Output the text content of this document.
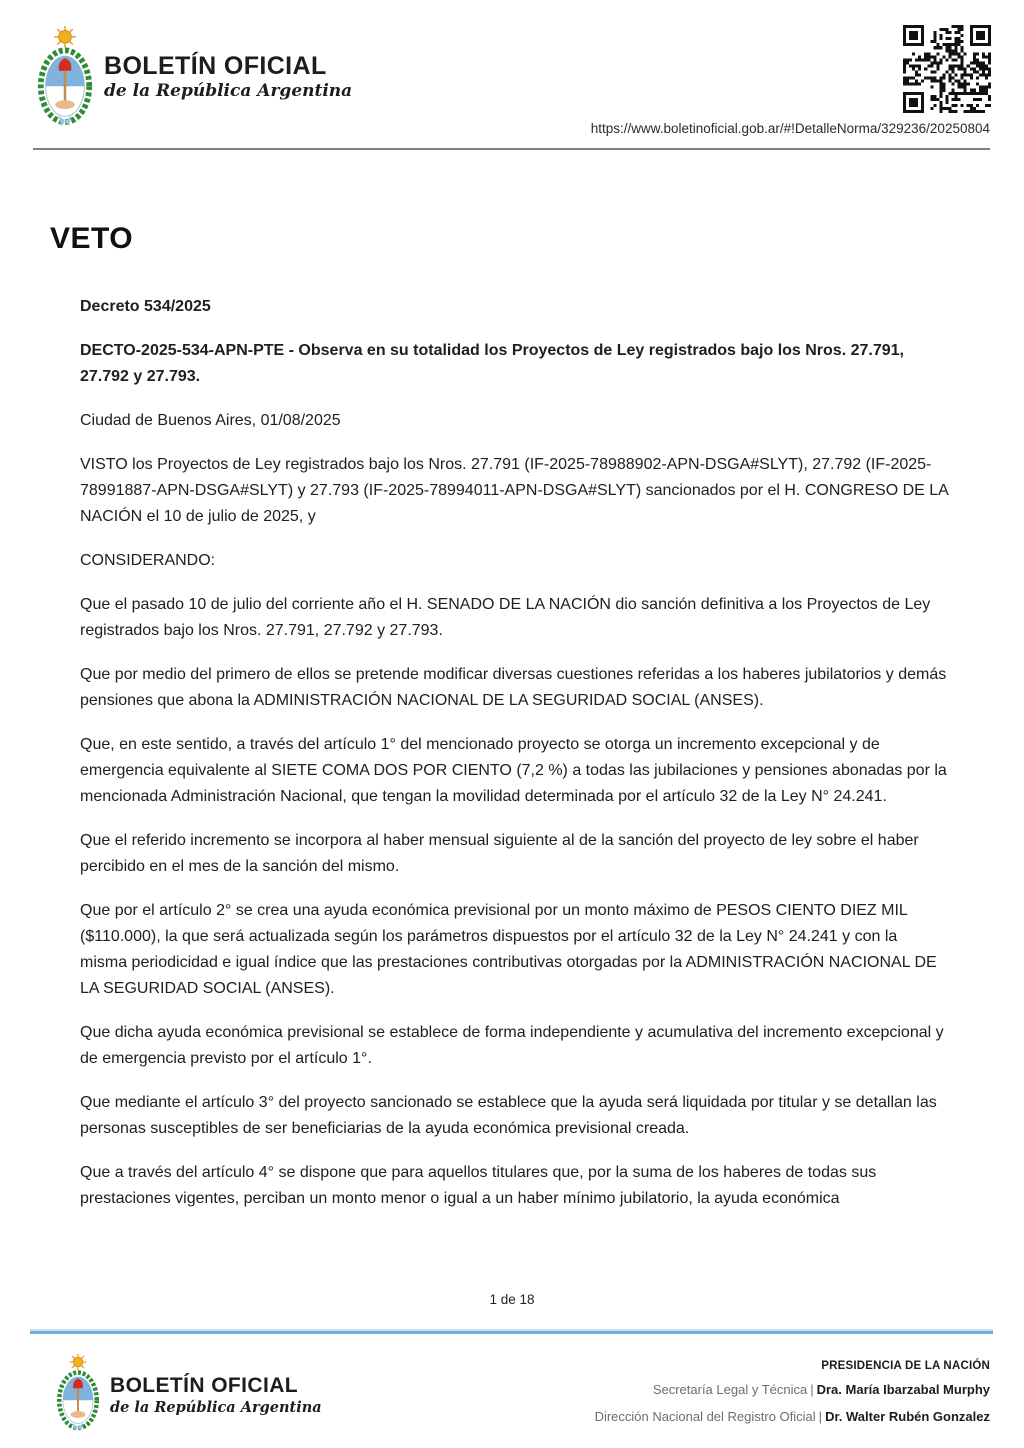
BOLETÍN OFICIAL
de la República Argentina
https://www.boletinoficial.gob.ar/#!DetalleNorma/329236/20250804
VETO

Decreto 534/2025

DECTO-2025-534-APN-PTE - Observa en su totalidad los Proyectos de Ley registrados bajo los Nros. 27.791, 27.792 y 27.793.

Ciudad de Buenos Aires, 01/08/2025

VISTO los Proyectos de Ley registrados bajo los Nros. 27.791 (IF-2025-78988902-APN-DSGA#SLYT), 27.792 (IF-2025-78991887-APN-DSGA#SLYT) y 27.793 (IF-2025-78994011-APN-DSGA#SLYT) sancionados por el H. CONGRESO DE LA NACIÓN el 10 de julio de 2025, y

CONSIDERANDO:

Que el pasado 10 de julio del corriente año el H. SENADO DE LA NACIÓN dio sanción definitiva a los Proyectos de Ley registrados bajo los Nros. 27.791, 27.792 y 27.793.

Que por medio del primero de ellos se pretende modificar diversas cuestiones referidas a los haberes jubilatorios y demás pensiones que abona la ADMINISTRACIÓN NACIONAL DE LA SEGURIDAD SOCIAL (ANSES).

Que, en este sentido, a través del artículo 1° del mencionado proyecto se otorga un incremento excepcional y de emergencia equivalente al SIETE COMA DOS POR CIENTO (7,2 %) a todas las jubilaciones y pensiones abonadas por la mencionada Administración Nacional, que tengan la movilidad determinada por el artículo 32 de la Ley N° 24.241.

Que el referido incremento se incorpora al haber mensual siguiente al de la sanción del proyecto de ley sobre el haber percibido en el mes de la sanción del mismo.

Que por el artículo 2° se crea una ayuda económica previsional por un monto máximo de PESOS CIENTO DIEZ MIL ($110.000), la que será actualizada según los parámetros dispuestos por el artículo 32 de la Ley N° 24.241 y con la misma periodicidad e igual índice que las prestaciones contributivas otorgadas por la ADMINISTRACIÓN NACIONAL DE LA SEGURIDAD SOCIAL (ANSES).

Que dicha ayuda económica previsional se establece de forma independiente y acumulativa del incremento excepcional y de emergencia previsto por el artículo 1°.

Que mediante el artículo 3° del proyecto sancionado se establece que la ayuda será liquidada por titular y se detallan las personas susceptibles de ser beneficiarias de la ayuda económica previsional creada.

Que a través del artículo 4° se dispone que para aquellos titulares que, por la suma de los haberes de todas sus prestaciones vigentes, perciban un monto menor o igual a un haber mínimo jubilatorio, la ayuda económica

1 de 18
BOLETÍN OFICIAL
de la República Argentina
PRESIDENCIA DE LA NACIÓN
Secretaría Legal y Técnica | Dra. María Ibarzabal Murphy
Dirección Nacional del Registro Oficial | Dr. Walter Rubén Gonzalez
